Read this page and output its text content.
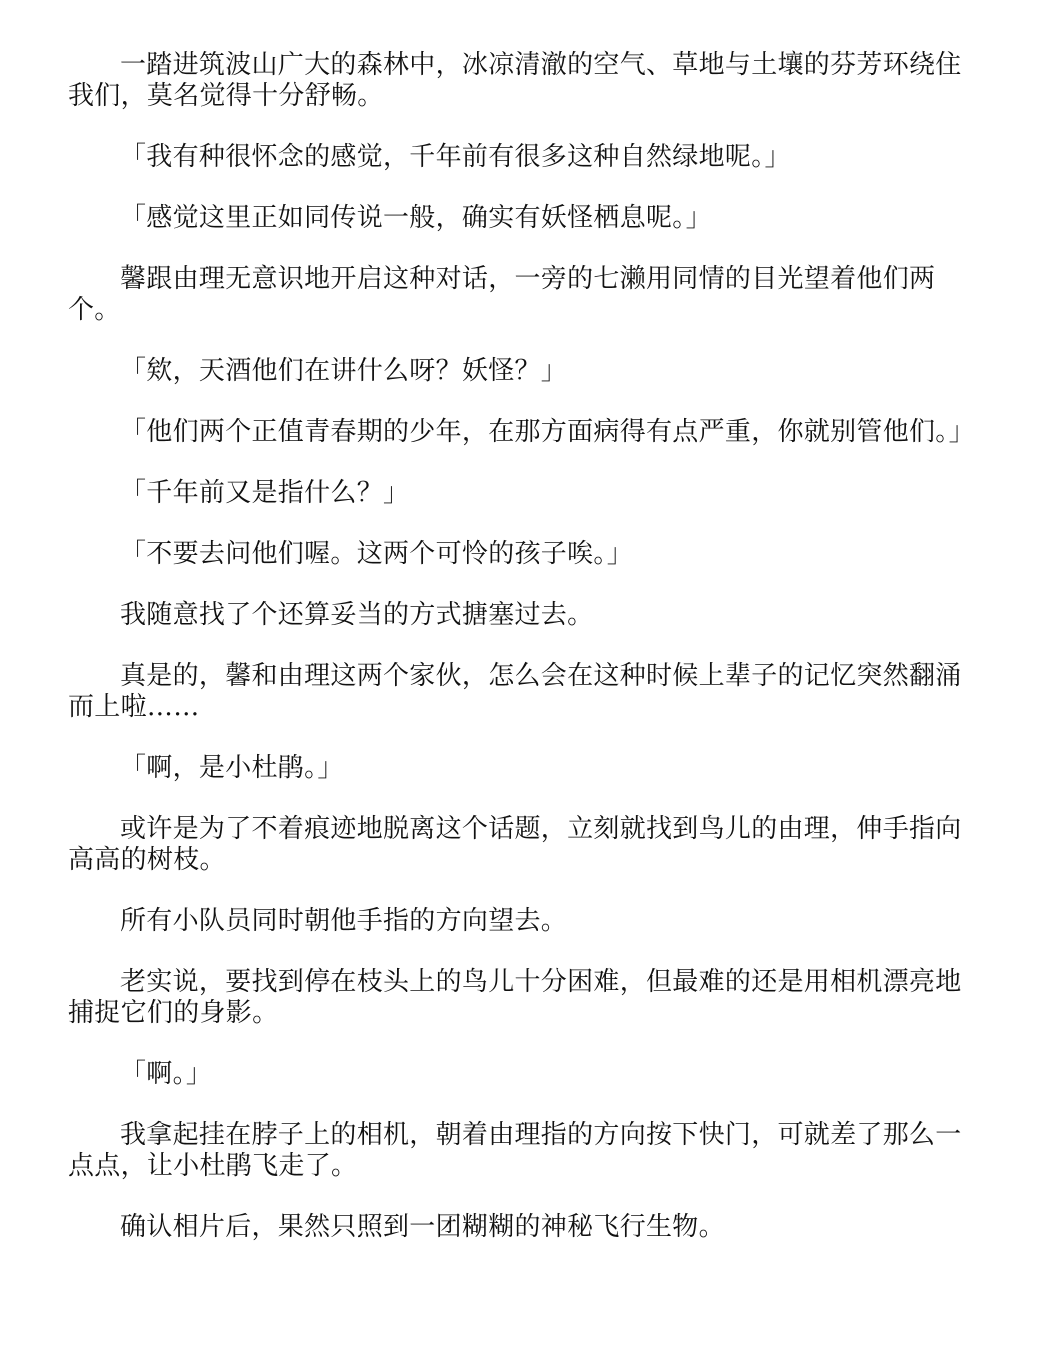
一踏进筑波山广大的森林中，冰凉清澈的空气、草地与土壤的芬芳环绕住我们，莫名觉得十分舒畅。

「我有种很怀念的感觉，千年前有很多这种自然绿地呢。」

「感觉这里正如同传说一般，确实有妖怪栖息呢。」

馨跟由理无意识地开启这种对话，一旁的七濑用同情的目光望着他们两个。

「欸，天酒他们在讲什么呀？妖怪？」

「他们两个正值青春期的少年，在那方面病得有点严重，你就别管他们。」

「千年前又是指什么？」

「不要去问他们喔。这两个可怜的孩子唉。」

我随意找了个还算妥当的方式搪塞过去。

真是的，馨和由理这两个家伙，怎么会在这种时候上辈子的记忆突然翻涌而上啦……

「啊，是小杜鹃。」

或许是为了不着痕迹地脱离这个话题，立刻就找到鸟儿的由理，伸手指向高高的树枝。

所有小队员同时朝他手指的方向望去。

老实说，要找到停在枝头上的鸟儿十分困难，但最难的还是用相机漂亮地捕捉它们的身影。

「啊。」

我拿起挂在脖子上的相机，朝着由理指的方向按下快门，可就差了那么一点点，让小杜鹃飞走了。

确认相片后，果然只照到一团糊糊的神秘飞行生物。
